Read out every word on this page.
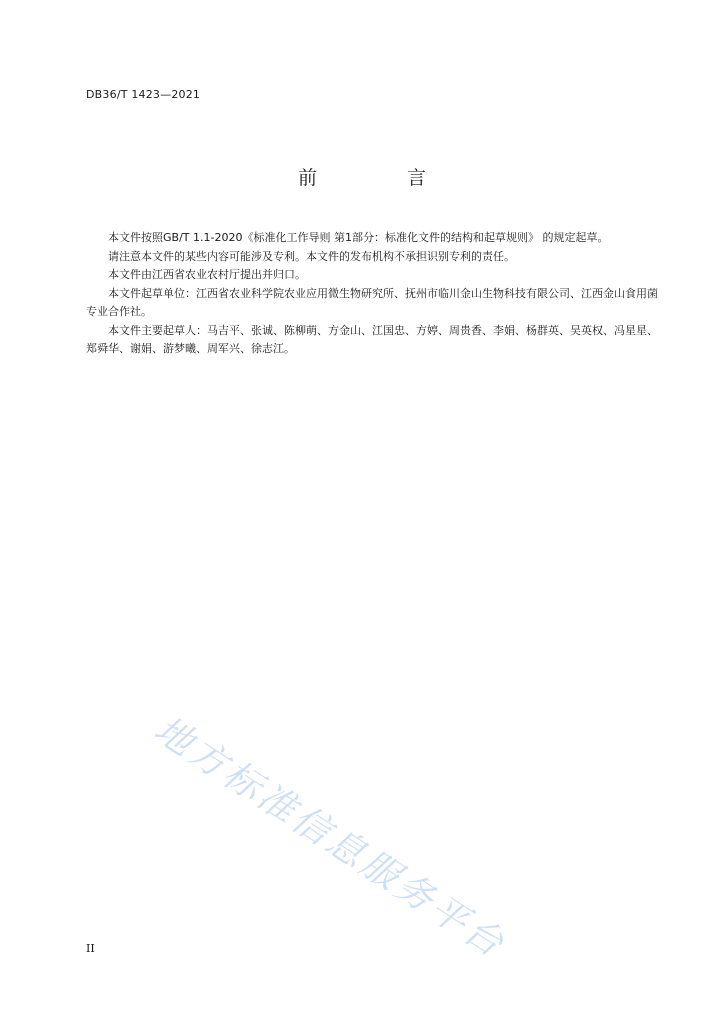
DB36/T 1423—2021
前 言

本文件按照GB/T 1.1-2020《标准化工作导则 第1部分：标准化文件的结构和起草规则》 的规定起草。

请注意本文件的某些内容可能涉及专利。本文件的发布机构不承担识别专利的责任。

本文件由江西省农业农村厅提出并归口。

本文件起草单位：江西省农业科学院农业应用微生物研究所、抚州市临川金山生物科技有限公司、江西金山食用菌专业合作社。

本文件主要起草人：马吉平、张诚、陈柳萌、方金山、江国忠、方婷、周贵香、李娟、杨群英、吴英权、冯星星、郑舜华、谢娟、游梦曦、周军兴、徐志江。

地方标准信息服务平台
II
